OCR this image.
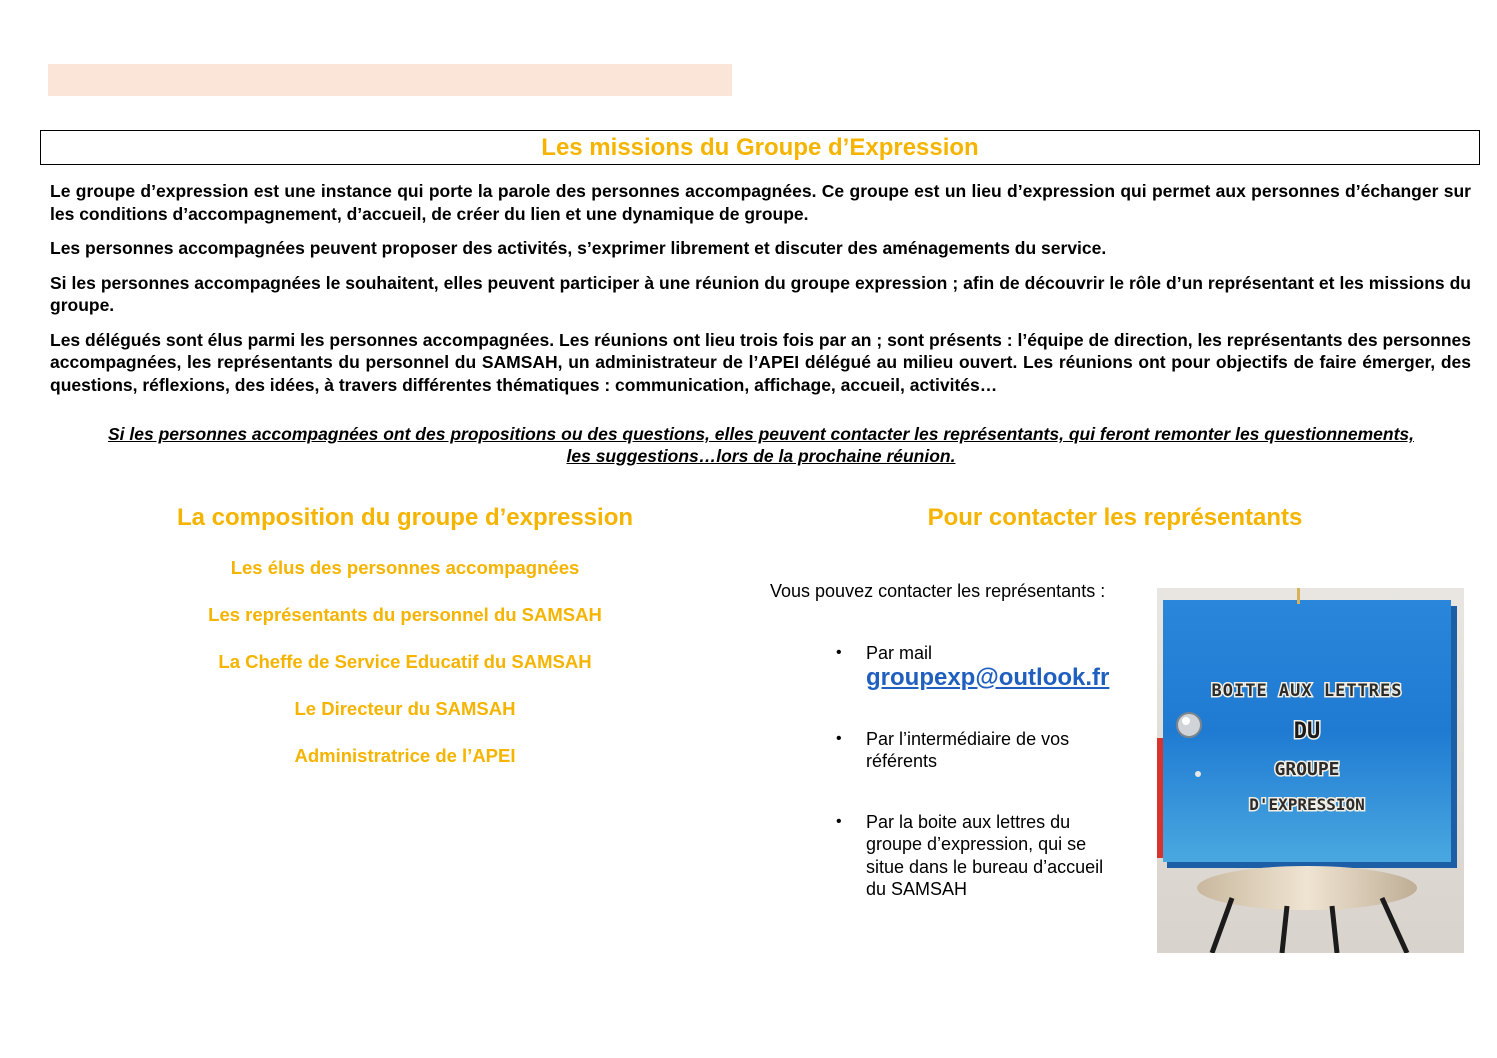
Les missions du Groupe d’Expression

Le groupe d’expression est une instance qui porte la parole des personnes accompagnées. Ce groupe est un lieu d’expression qui permet aux personnes d’échanger sur les conditions d’accompagnement, d’accueil, de créer du lien et une dynamique de groupe.

Les personnes accompagnées peuvent proposer des activités, s’exprimer librement et discuter des aménagements du service.

Si les personnes accompagnées le souhaitent, elles peuvent participer à une réunion du groupe expression ; afin de découvrir le rôle d’un représentant et les missions du groupe.

Les délégués sont élus parmi les personnes accompagnées. Les réunions ont lieu trois fois par an ; sont présents : l’équipe de direction, les représentants des personnes accompagnées, les représentants du personnel du SAMSAH, un administrateur de l’APEI délégué au milieu ouvert. Les réunions ont pour objectifs de faire émerger, des questions, réflexions, des idées, à travers différentes thématiques : communication, affichage, accueil, activités…

Si les personnes accompagnées ont des propositions ou des questions, elles peuvent contacter les représentants, qui feront remonter les questionnements, les suggestions…lors de la prochaine réunion.

La composition du groupe d’expression
Les élus des personnes accompagnées
Les représentants du personnel du SAMSAH
La Cheffe de Service Educatif du SAMSAH
Le Directeur du SAMSAH
Administratrice de l’APEI
Pour contacter les représentants

Vous pouvez contacter les représentants :

• Par mail
groupexp@outlook.fr
• Par l’intermédiaire de vos référents
• Par la boite aux lettres du groupe d’expression, qui se situe dans le bureau d’accueil du SAMSAH
BOITE AUX LETTRES
DU
GROUPE
D'EXPRESSION
